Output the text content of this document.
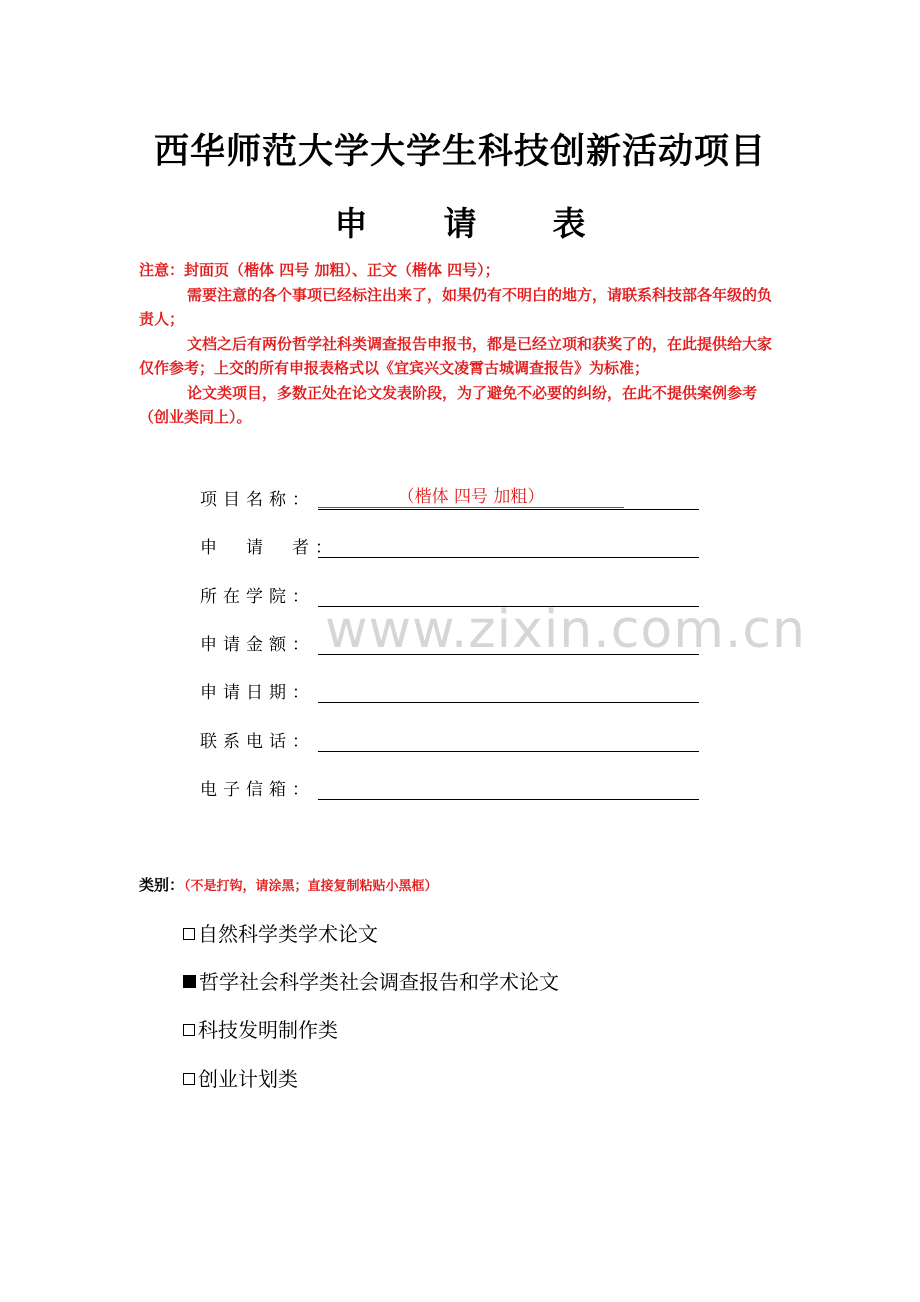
西华师范大学大学生科技创新活动项目
申 请 表

注意：封面页（楷体 四号 加粗）、正文（楷体 四号）；

需要注意的各个事项已经标注出来了，如果仍有不明白的地方，请联系科技部各年级的负责人；

文档之后有两份哲学社科类调查报告申报书，都是已经立项和获奖了的，在此提供给大家仅作参考；上交的所有申报表格式以《宜宾兴文凌霄古城调查报告》为标准；

论文类项目，多数正处在论文发表阶段，为了避免不必要的纠纷，在此不提供案例参考（创业类同上）。

www.zixin.com.cn
项目名称：	（楷体 四号 加粗）
申　请　者：
所在学院：
申请金额：
申请日期：
联系电话：
电子信箱：
类别：（不是打钩，请涂黑；直接复制粘贴小黑框）
自然科学类学术论文
哲学社会科学类社会调查报告和学术论文
科技发明制作类
创业计划类
